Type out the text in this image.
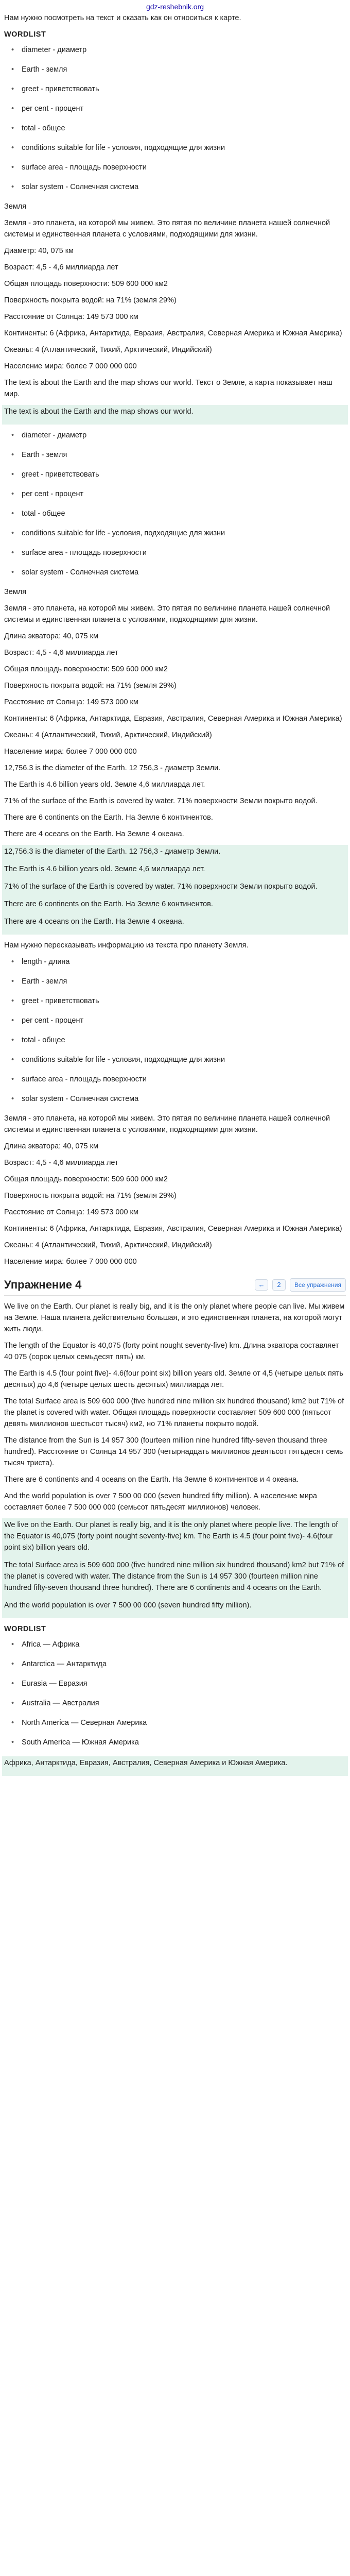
gdz-reshebnik.org

Нам нужно посмотреть на текст и сказать как он относиться к карте.

WORDLIST
• diameter - диаметр
• Earth - земля
• greet - приветствовать
• per cent - процент
• total - общее
• conditions suitable for life - условия, подходящие для жизни
• surface area - площадь поверхности
• solar system - Солнечная система

Земля

Земля - это планета, на которой мы живем. Это пятая по величине планета нашей солнечной системы и единственная планета с условиями, подходящими для жизни.

Диаметр: 40, 075 км

Возраст: 4,5 - 4,6 миллиарда лет

Общая площадь поверхности: 509 600 000 км2

Поверхность покрыта водой: на 71% (земля 29%)

Расстояние от Солнца: 149 573 000 км

Континенты: 6 (Африка, Антарктида, Евразия, Австралия, Северная Америка и Южная Америка)

Океаны: 4 (Атлантический, Тихий, Арктический, Индийский)

Население мира: более 7 000 000 000

The text is about the Earth and the map shows our world. Текст о Земле, а карта показывает наш мир.

The text is about the Earth and the map shows our world.

• diameter - диаметр
• Earth - земля
• greet - приветствовать
• per cent - процент
• total - общее
• conditions suitable for life - условия, подходящие для жизни
• surface area - площадь поверхности
• solar system - Солнечная система

Земля

Земля - это планета, на которой мы живем. Это пятая по величине планета нашей солнечной системы и единственная планета с условиями, подходящими для жизни.

Длина экватора: 40, 075 км

Возраст: 4,5 - 4,6 миллиарда лет

Общая площадь поверхности: 509 600 000 км2

Поверхность покрыта водой: на 71% (земля 29%)

Расстояние от Солнца: 149 573 000 км

Континенты: 6 (Африка, Антарктида, Евразия, Австралия, Северная Америка и Южная Америка)

Океаны: 4 (Атлантический, Тихий, Арктический, Индийский)

Население мира: более 7 000 000 000

12,756.3 is the diameter of the Earth. 12 756,3 - диаметр Земли.

The Earth is 4.6 billion years old. Земле 4,6 миллиарда лет.

71% of the surface of the Earth is covered by water. 71% поверхности Земли покрыто водой.

There are 6 continents on the Earth. На Земле 6 континентов.

There are 4 oceans on the Earth. На Земле 4 океана.

12,756.3 is the diameter of the Earth. 12 756,3 - диаметр Земли.

The Earth is 4.6 billion years old. Земле 4,6 миллиарда лет.

71% of the surface of the Earth is covered by water. 71% поверхности Земли покрыто водой.

There are 6 continents on the Earth. На Земле 6 континентов.

There are 4 oceans on the Earth. На Земле 4 океана.

Нам нужно пересказывать информацию из текста про планету Земля.

• length - длина
• Earth - земля
• greet - приветствовать
• per cent - процент
• total - общее
• conditions suitable for life - условия, подходящие для жизни
• surface area - площадь поверхности
• solar system - Солнечная система

Земля - это планета, на которой мы живем. Это пятая по величине планета нашей солнечной системы и единственная планета с условиями, подходящими для жизни.

Длина экватора: 40, 075 км

Возраст: 4,5 - 4,6 миллиарда лет

Общая площадь поверхности: 509 600 000 км2

Поверхность покрыта водой: на 71% (земля 29%)

Расстояние от Солнца: 149 573 000 км

Континенты: 6 (Африка, Антарктида, Евразия, Австралия, Северная Америка и Южная Америка)

Океаны: 4 (Атлантический, Тихий, Арктический, Индийский)

Население мира: более 7 000 000 000

Упражнение 4	←	2	Все упражнения

We live on the Earth. Our planet is really big, and it is the only planet where people can live. Мы живем на Земле. Наша планета действительно большая, и это единственная планета, на которой могут жить люди.

The length of the Equator is 40,075 (forty point nought seventy-five) km. Длина экватора составляет 40 075 (сорок целых семьдесят пять) км.

The Earth is 4.5 (four point five)- 4.6(four point six) billion years old. Земле от 4,5 (четыре целых пять десятых) до 4,6 (четыре целых шесть десятых) миллиарда лет.

The total Surface area is 509 600 000 (five hundred nine million six hundred thousand) km2 but 71% of the planet is covered with water. Общая площадь поверхности составляет 509 600 000 (пятьсот девять миллионов шестьсот тысяч) км2, но 71% планеты покрыто водой.

The distance from the Sun is 14 957 300 (fourteen million nine hundred fifty-seven thousand three hundred). Расстояние от Солнца 14 957 300 (четырнадцать миллионов девятьсот пятьдесят семь тысяч триста).

There are 6 continents and 4 oceans on the Earth. На Земле 6 континентов и 4 океана.

And the world population is over 7 500 00 000 (seven hundred fifty million). А население мира составляет более 7 500 000 000 (семьсот пятьдесят миллионов) человек.

We live on the Earth. Our planet is really big, and it is the only planet where people live. The length of the Equator is 40,075 (forty point nought seventy-five) km. The Earth is 4.5 (four point five)- 4.6(four point six) billion years old.

The total Surface area is 509 600 000 (five hundred nine million six hundred thousand) km2 but 71% of the planet is covered with water. The distance from the Sun is 14 957 300 (fourteen million nine hundred fifty-seven thousand three hundred). There are 6 continents and 4 oceans on the Earth.

And the world population is over 7 500 00 000 (seven hundred fifty million).

WORDLIST
• Africa — Африка
• Antarctica — Антарктида
• Eurasia — Евразия
• Australia — Австралия
• North America — Северная Америка
• South America — Южная Америка

Африка, Антарктида, Евразия, Австралия, Северная Америка и Южная Америка.
